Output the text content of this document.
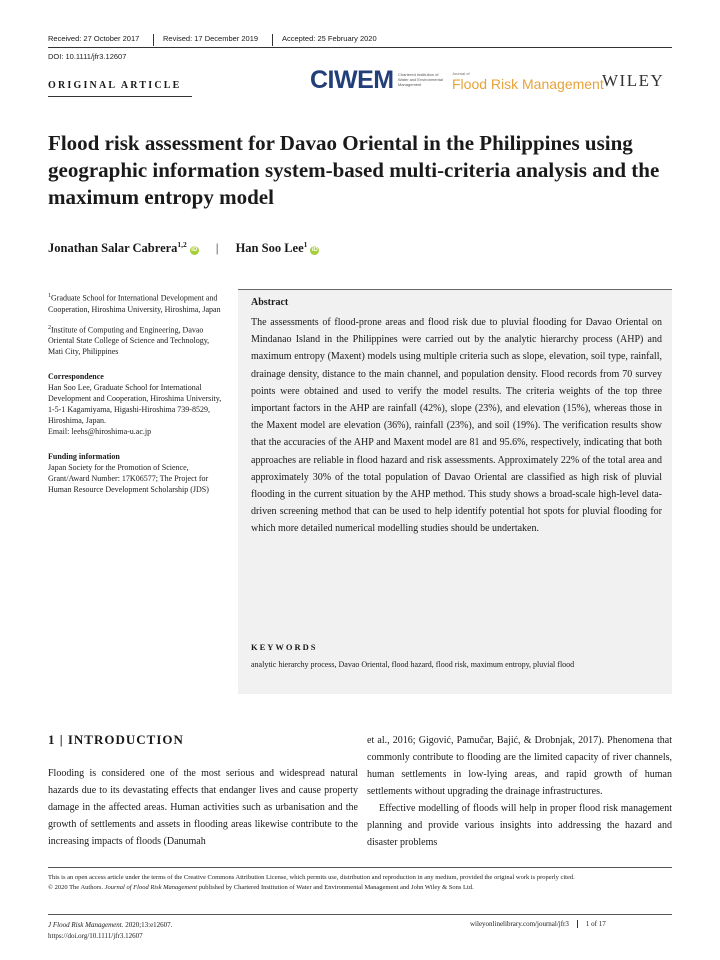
Received: 27 October 2017	Revised: 17 December 2019	Accepted: 25 February 2020
DOI: 10.1111/jfr3.12607
ORIGINAL ARTICLE	CIWEM Chartered Institution of Water and Environmental Management
Journal of
Flood Risk Management
WILEY
Flood risk assessment for Davao Oriental in the Philippines using geographic information system-based multi-criteria analysis and the maximum entropy model
Jonathan Salar Cabrera$^{1,2}$iD | Han Soo Lee$^1$iD

$^1$Graduate School for International Development and Cooperation, Hiroshima University, Hiroshima, Japan

$^2$Institute of Computing and Engineering, Davao Oriental State College of Science and Technology, Mati City, Philippines

Correspondence

Han Soo Lee, Graduate School for International Development and Cooperation, Hiroshima University, 1-5-1 Kagamiyama, Higashi-Hiroshima 739-8529, Hiroshima, Japan.

Email: leehs@hiroshima-u.ac.jp

Funding information

Japan Society for the Promotion of Science, Grant/Award Number: 17K06577; The Project for Human Resource Development Scholarship (JDS)

Abstract
The assessments of flood-prone areas and flood risk due to pluvial flooding for Davao Oriental on Mindanao Island in the Philippines were carried out by the analytic hierarchy process (AHP) and maximum entropy (Maxent) models using multiple criteria such as slope, elevation, soil type, rainfall, drainage density, distance to the main channel, and population density. Flood records from 70 survey points were obtained and used to verify the model results. The criteria weights of the top three important factors in the AHP are rainfall (42%), slope (23%), and elevation (15%), whereas those in the Maxent model are elevation (36%), rainfall (23%), and soil (19%). The verification results show that the accuracies of the AHP and Maxent model are 81 and 95.6%, respectively, indicating that both approaches are reliable in flood hazard and risk assessments. Approximately 22% of the total area and approximately 30% of the total population of Davao Oriental are classified as high risk of pluvial flooding in the current situation by the AHP method. This study shows a broad-scale high-level data-driven screening method that can be used to help identify potential hot spots for pluvial flooding for which more detailed numerical modelling studies should be undertaken.
KEYWORDS
analytic hierarchy process, Davao Oriental, flood hazard, flood risk, maximum entropy, pluvial flood
1 | INTRODUCTION
Flooding is considered one of the most serious and widespread natural hazards due to its devastating effects that endanger lives and cause property damage in the affected areas. Human activities such as urbanisation and the growth of settlements and assets in flooding areas likewise contribute to the increasing impacts of floods (Danumah

et al., 2016; Gigović, Pamučar, Bajić, & Drobnjak, 2017). Phenomena that commonly contribute to flooding are the limited capacity of river channels, human settlements in low-lying areas, and rapid growth of human settlements without upgrading the drainage infrastructures.

Effective modelling of floods will help in proper flood risk management planning and provide various insights into addressing the hazard and disaster problems

This is an open access article under the terms of the Creative Commons Attribution License, which permits use, distribution and reproduction in any medium, provided the original work is properly cited.
© 2020 The Authors. Journal of Flood Risk Management published by Chartered Institution of Water and Environmental Management and John Wiley & Sons Ltd.
J Flood Risk Management. 2020;13:e12607.
https://doi.org/10.1111/jfr3.12607
wileyonlinelibrary.com/journal/jfr3 1 of 17
